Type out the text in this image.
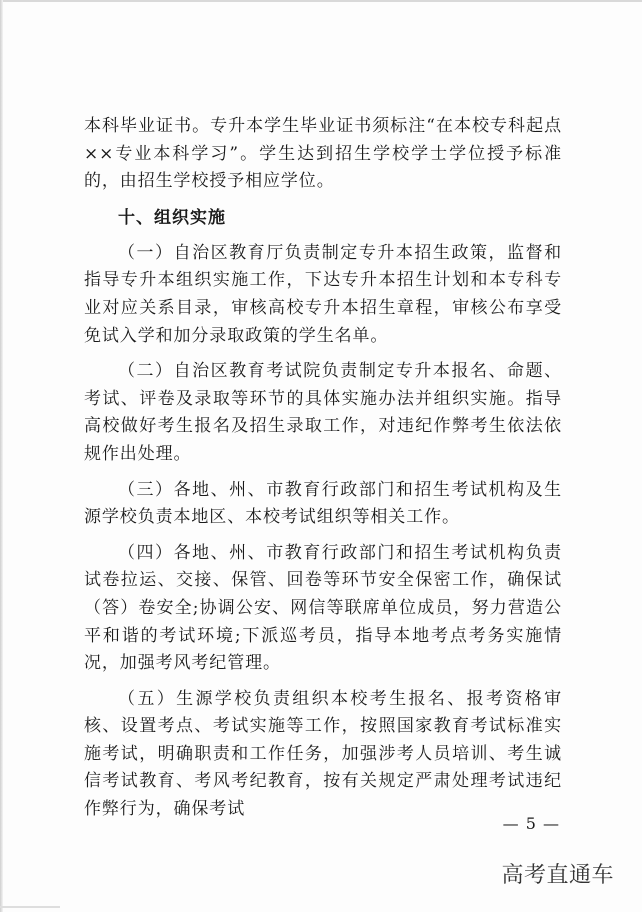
本科毕业证书。专升本学生毕业证书须标注“在本校专科起点××专业本科学习”。学生达到招生学校学士学位授予标准的，由招生学校授予相应学位。

十、组织实施

（一）自治区教育厅负责制定专升本招生政策，监督和指导专升本组织实施工作，下达专升本招生计划和本专科专业对应关系目录，审核高校专升本招生章程，审核公布享受免试入学和加分录取政策的学生名单。

（二）自治区教育考试院负责制定专升本报名、命题、考试、评卷及录取等环节的具体实施办法并组织实施。指导高校做好考生报名及招生录取工作，对违纪作弊考生依法依规作出处理。

（三）各地、州、市教育行政部门和招生考试机构及生源学校负责本地区、本校考试组织等相关工作。

（四）各地、州、市教育行政部门和招生考试机构负责试卷拉运、交接、保管、回卷等环节安全保密工作，确保试（答）卷安全;协调公安、网信等联席单位成员，努力营造公平和谐的考试环境;下派巡考员，指导本地考点考务实施情况，加强考风考纪管理。

（五）生源学校负责组织本校考生报名、报考资格审核、设置考点、考试实施等工作，按照国家教育考试标准实施考试，明确职责和工作任务，加强涉考人员培训、考生诚信考试教育、考风考纪教育，按有关规定严肃处理考试违纪作弊行为，确保考试

— 5 —
高考直通车
